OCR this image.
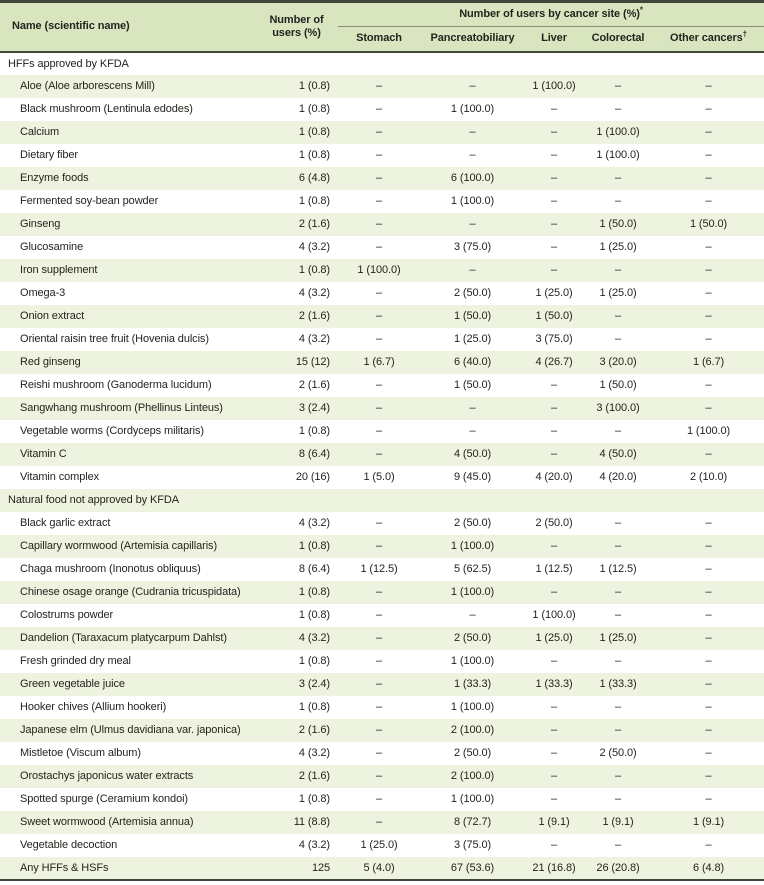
Name (scientific name)	Number of users (%)	Number of users by cancer site (%)*
		Stomach	Pancreatobiliary	Liver	Colorectal	Other cancers†
HFFs approved by KFDA						
Aloe (Aloe arborescens Mill)	1 (0.8)	–	–	1 (100.0)	–	–
Black mushroom (Lentinula edodes)	1 (0.8)	–	1 (100.0)	–	–	–
Calcium	1 (0.8)	–	–	–	1 (100.0)	–
Dietary fiber	1 (0.8)	–	–	–	1 (100.0)	–
Enzyme foods	6 (4.8)	–	6 (100.0)	–	–	–
Fermented soy-bean powder	1 (0.8)	–	1 (100.0)	–	–	–
Ginseng	2 (1.6)	–	–	–	1 (50.0)	1 (50.0)
Glucosamine	4 (3.2)	–	3 (75.0)	–	1 (25.0)	–
Iron supplement	1 (0.8)	1 (100.0)	–	–	–	–
Omega-3	4 (3.2)	–	2 (50.0)	1 (25.0)	1 (25.0)	–
Onion extract	2 (1.6)	–	1 (50.0)	1 (50.0)	–	–
Oriental raisin tree fruit (Hovenia dulcis)	4 (3.2)	–	1 (25.0)	3 (75.0)	–	–
Red ginseng	15 (12)	1 (6.7)	6 (40.0)	4 (26.7)	3 (20.0)	1 (6.7)
Reishi mushroom (Ganoderma lucidum)	2 (1.6)	–	1 (50.0)	–	1 (50.0)	–
Sangwhang mushroom (Phellinus Linteus)	3 (2.4)	–	–	–	3 (100.0)	–
Vegetable worms (Cordyceps militaris)	1 (0.8)	–	–	–	–	1 (100.0)
Vitamin C	8 (6.4)	–	4 (50.0)	–	4 (50.0)	–
Vitamin complex	20 (16)	1 (5.0)	9 (45.0)	4 (20.0)	4 (20.0)	2 (10.0)
Natural food not approved by KFDA						
Black garlic extract	4 (3.2)	–	2 (50.0)	2 (50.0)	–	–
Capillary wormwood (Artemisia capillaris)	1 (0.8)	–	1 (100.0)	–	–	–
Chaga mushroom (Inonotus obliquus)	8 (6.4)	1 (12.5)	5 (62.5)	1 (12.5)	1 (12.5)	–
Chinese osage orange (Cudrania tricuspidata)	1 (0.8)	–	1 (100.0)	–	–	–
Colostrums powder	1 (0.8)	–	–	1 (100.0)	–	–
Dandelion (Taraxacum platycarpum Dahlst)	4 (3.2)	–	2 (50.0)	1 (25.0)	1 (25.0)	–
Fresh grinded dry meal	1 (0.8)	–	1 (100.0)	–	–	–
Green vegetable juice	3 (2.4)	–	1 (33.3)	1 (33.3)	1 (33.3)	–
Hooker chives (Allium hookeri)	1 (0.8)	–	1 (100.0)	–	–	–
Japanese elm (Ulmus davidiana var. japonica)	2 (1.6)	–	2 (100.0)	–	–	–
Mistletoe (Viscum album)	4 (3.2)	–	2 (50.0)	–	2 (50.0)	–
Orostachys japonicus water extracts	2 (1.6)	–	2 (100.0)	–	–	–
Spotted spurge (Ceramium kondoi)	1 (0.8)	–	1 (100.0)	–	–	–
Sweet wormwood (Artemisia annua)	11 (8.8)	–	8 (72.7)	1 (9.1)	1 (9.1)	1 (9.1)
Vegetable decoction	4 (3.2)	1 (25.0)	3 (75.0)	–	–	–
Any HFFs & HSFs	125	5 (4.0)	67 (53.6)	21 (16.8)	26 (20.8)	6 (4.8)
